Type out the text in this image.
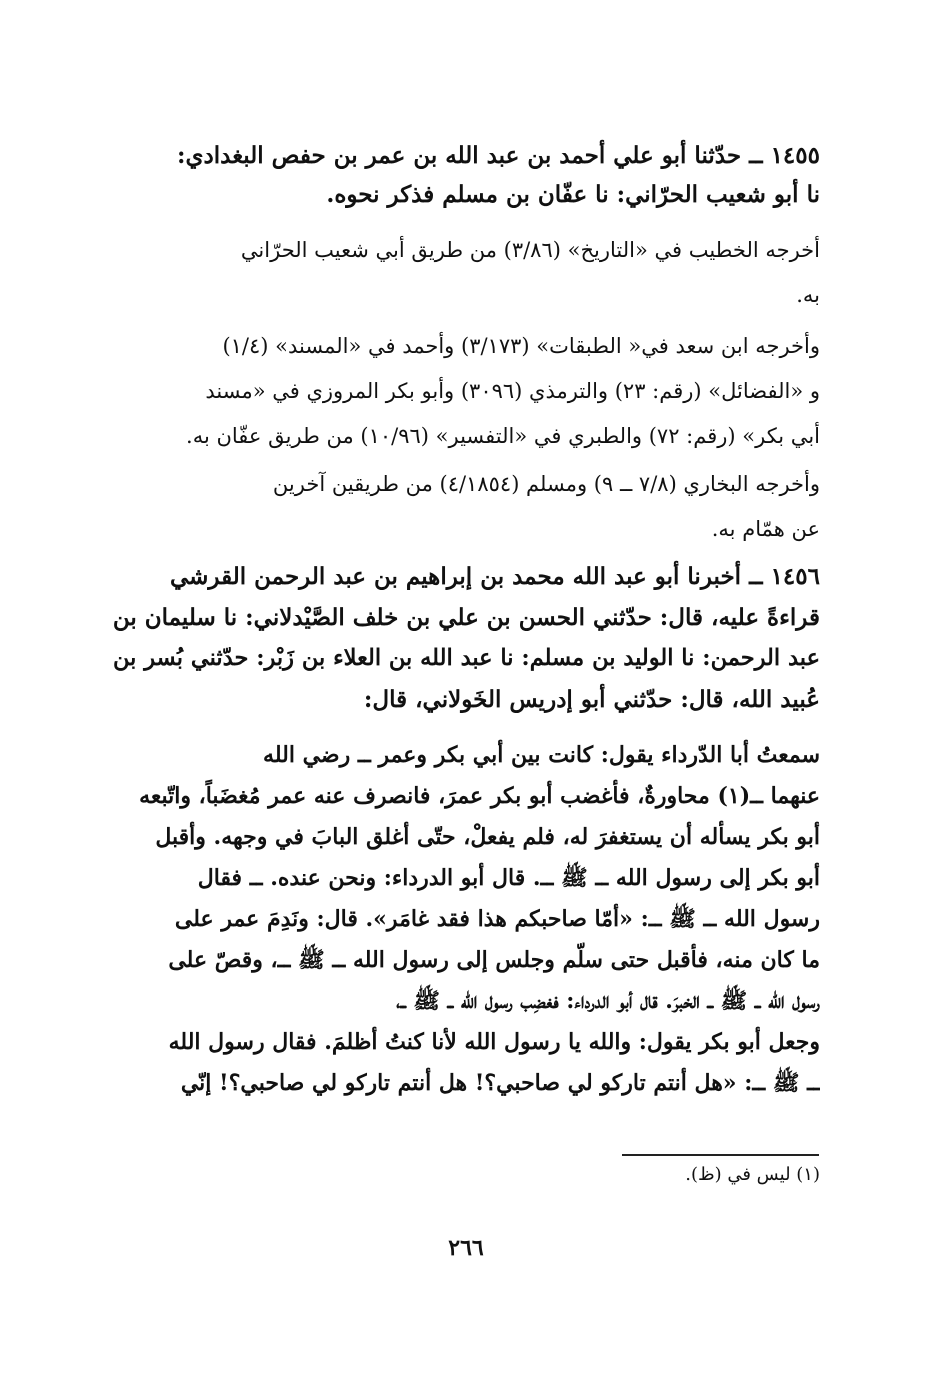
١٤٥٥ ــ حدّثنا أبو علي أحمد بن عبد الله بن عمر بن حفص البغدادي:
نا أبو شعيب الحرّاني: نا عفّان بن مسلم فذكر نحوه.
أخرجه الخطيب في «التاريخ» (٣/٨٦) من طريق أبي شعيب الحرّاني
به.
وأخرجه ابن سعد في« الطبقات» (٣/١٧٣) وأحمد في «المسند» (١/٤)
و «الفضائل» (رقم: ٢٣) والترمذي (٣٠٩٦) وأبو بكر المروزي في «مسند
أبي بكر» (رقم: ٧٢) والطبري في «التفسير» (١٠/٩٦) من طريق عفّان به.
وأخرجه البخاري (٧/٨ ــ ٩) ومسلم (٤/١٨٥٤) من طريقين آخرين
عن همّام به.
١٤٥٦ ــ أخبرنا أبو عبد الله محمد بن إبراهيم بن عبد الرحمن القرشي
قراءةً عليه، قال: حدّثني الحسن بن علي بن خلف الصَّيْدلاني: نا سليمان بن
عبد الرحمن: نا الوليد بن مسلم: نا عبد الله بن العلاء بن زَبْر: حدّثني بُسر بن
عُبيد الله، قال: حدّثني أبو إدريس الخَولاني، قال:
سمعتُ أبا الدّرداء يقول: كانت بين أبي بكر وعمر ــ رضي الله
عنهما ــ(١) محاورةٌ، فأغضب أبو بكر عمرَ، فانصرف عنه عمر مُغضَباً، واتّبعه
أبو بكر يسأله أن يستغفرَ له، فلم يفعلْ، حتّى أغلق البابَ في وجهه. وأقبل
أبو بكر إلى رسول الله ــ ﷺ ــ. قال أبو الدرداء: ونحن عنده. ــ فقال
رسول الله ــ ﷺ ــ: «أمّا صاحبكم هذا فقد غامَر». قال: ونَدِمَ عمر على
ما كان منه، فأقبل حتى سلّم وجلس إلى رسول الله ــ ﷺ ــ، وقصّ على
رسول الله ــ ﷺ ــ الخبرَ. قال أبو الدرداء: فغضِب رسول الله ــ ﷺ ــ،
وجعل أبو بكر يقول: والله يا رسول الله لأنا كنتُ أظلمَ. فقال رسول الله
ــ ﷺ ــ: «هل أنتم تاركو لي صاحبي؟! هل أنتم تاركو لي صاحبي؟! إنّي
(١) ليس في (ظ).
٢٦٦
